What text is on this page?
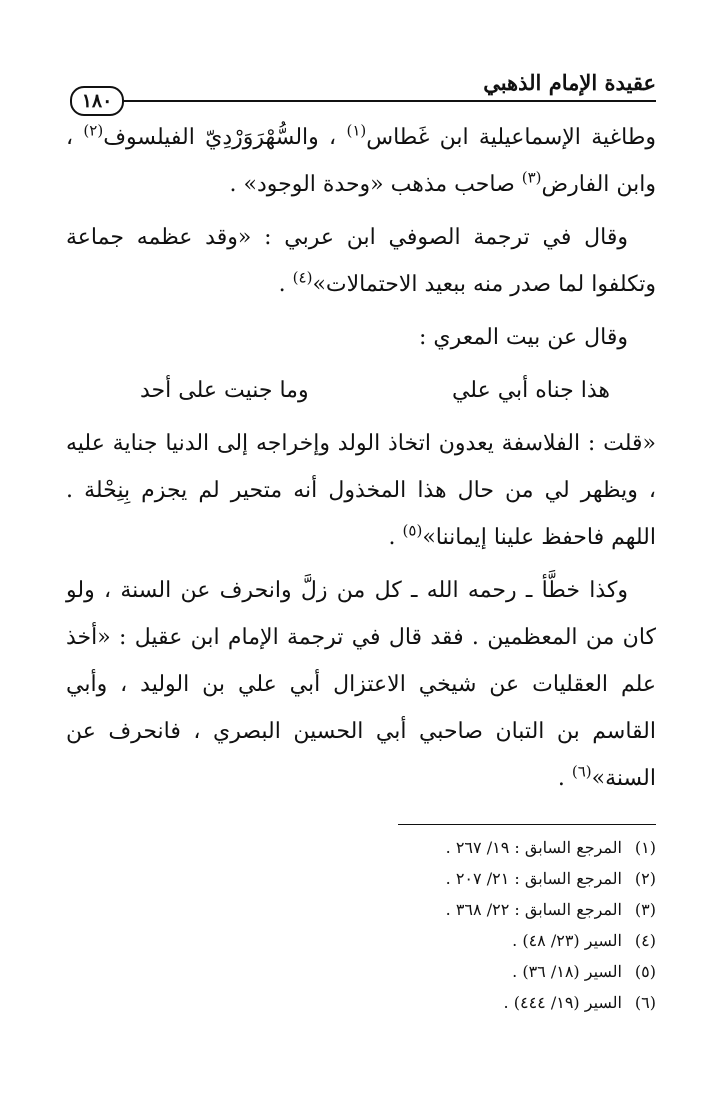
عقيدة الإمام الذهبي
١٨٠

وطاغية الإسماعيلية ابن غَطاس$^{(١)}$ ، والسُّهْرَوَرْدِيّ الفيلسوف$^{(٢)}$ ، وابن الفارض$^{(٣)}$ صاحب مذهب «وحدة الوجود» .

وقال في ترجمة الصوفي ابن عربي : «وقد عظمه جماعة وتكلفوا لما صدر منه ببعيد الاحتمالات»$^{(٤)}$ .

وقال عن بيت المعري :

هذا جناه أبي علي
وما جنيت على أحد

«قلت : الفلاسفة يعدون اتخاذ الولد وإخراجه إلى الدنيا جناية عليه ، ويظهر لي من حال هذا المخذول أنه متحير لم يجزم بِنِحْلة . اللهم فاحفظ علينا إيماننا»$^{(٥)}$ .

وكذا خطَّأ ـ رحمه الله ـ كل من زلَّ وانحرف عن السنة ، ولو كان من المعظمين . فقد قال في ترجمة الإمام ابن عقيل : «أخذ علم العقليات عن شيخي الاعتزال أبي علي بن الوليد ، وأبي القاسم بن التبان صاحبي أبي الحسين البصري ، فانحرف عن السنة»$^{(٦)}$ .

(١)
المرجع السابق : ١٩/ ٢٦٧ .
(٢)
المرجع السابق : ٢١/ ٢٠٧ .
(٣)
المرجع السابق : ٢٢/ ٣٦٨ .
(٤)
السير (٢٣/ ٤٨) .
(٥)
السير (١٨/ ٣٦) .
(٦)
السير (١٩/ ٤٤٤) .
